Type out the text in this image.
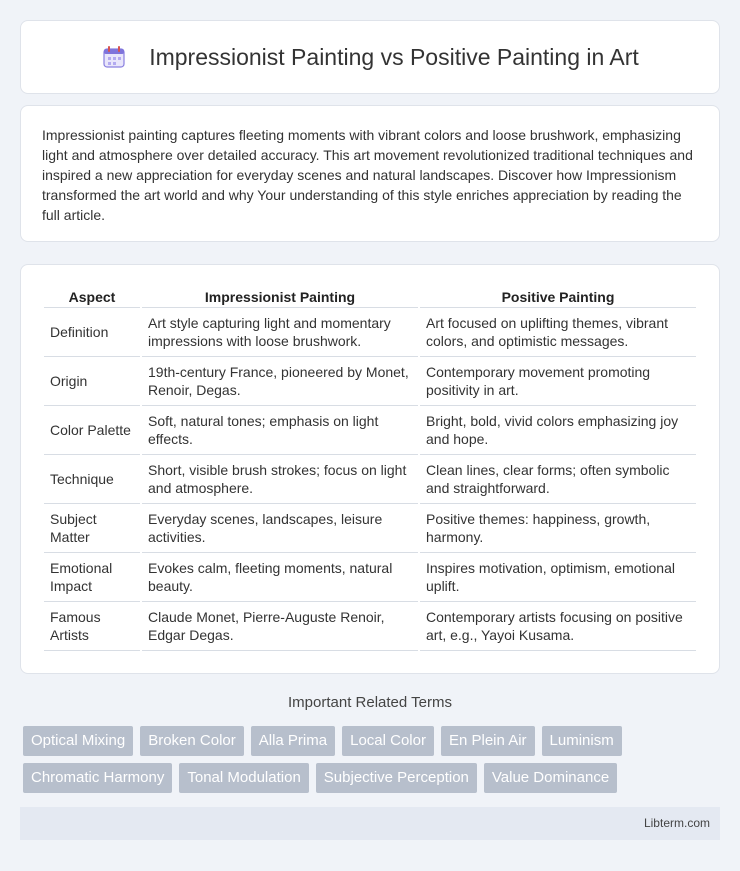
Impressionist Painting vs Positive Painting in Art

Impressionist painting captures fleeting moments with vibrant colors and loose brushwork, emphasizing light and atmosphere over detailed accuracy. This art movement revolutionized traditional techniques and inspired a new appreciation for everyday scenes and natural landscapes. Discover how Impressionism transformed the art world and why Your understanding of this style enriches appreciation by reading the full article.

Aspect	Impressionist Painting	Positive Painting
Definition	Art style capturing light and momentary impressions with loose brushwork.	Art focused on uplifting themes, vibrant colors, and optimistic messages.
Origin	19th-century France, pioneered by Monet, Renoir, Degas.	Contemporary movement promoting positivity in art.
Color Palette	Soft, natural tones; emphasis on light effects.	Bright, bold, vivid colors emphasizing joy and hope.
Technique	Short, visible brush strokes; focus on light and atmosphere.	Clean lines, clear forms; often symbolic and straightforward.
Subject Matter	Everyday scenes, landscapes, leisure activities.	Positive themes: happiness, growth, harmony.
Emotional Impact	Evokes calm, fleeting moments, natural beauty.	Inspires motivation, optimism, emotional uplift.
Famous Artists	Claude Monet, Pierre-Auguste Renoir, Edgar Degas.	Contemporary artists focusing on positive art, e.g., Yayoi Kusama.
Important Related Terms
Optical Mixing	Broken Color	Alla Prima	Local Color	En Plein Air	Luminism
Chromatic Harmony	Tonal Modulation	Subjective Perception	Value Dominance
Libterm.com
